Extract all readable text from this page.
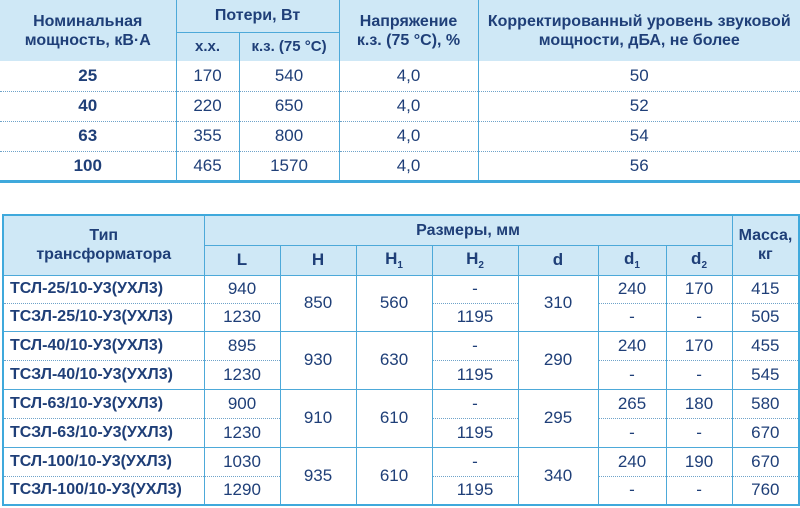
Номинальная мощность, кВ·А	Потери, Вт		Напряжение к.з. (75 °С), %	Корректированный уровень звуковой мощности, дБА, не более
	х.х.	к.з. (75 °С)		
25	170	540	4,0	50
40	220	650	4,0	52
63	355	800	4,0	54
100	465	1570	4,0	56
Тип трансформатора	Размеры, мм							Масса, кг
	L	H	$H_1$	$H_2$	d	$d_1$	$d_2$
ТСЛ-25/10-У3(УХЛ3)	940	850	560	-	310	240	170	415
ТСЗЛ-25/10-У3(УХЛ3)	1230			1195		-	-	505
ТСЛ-40/10-У3(УХЛ3)	895	930	630	-	290	240	170	455
ТСЗЛ-40/10-У3(УХЛ3)	1230			1195		-	-	545
ТСЛ-63/10-У3(УХЛ3)	900	910	610	-	295	265	180	580
ТСЗЛ-63/10-У3(УХЛ3)	1230			1195		-	-	670
ТСЛ-100/10-У3(УХЛ3)	1030	935	610	-	340	240	190	670
ТСЗЛ-100/10-У3(УХЛ3)	1290			1195		-	-	760
